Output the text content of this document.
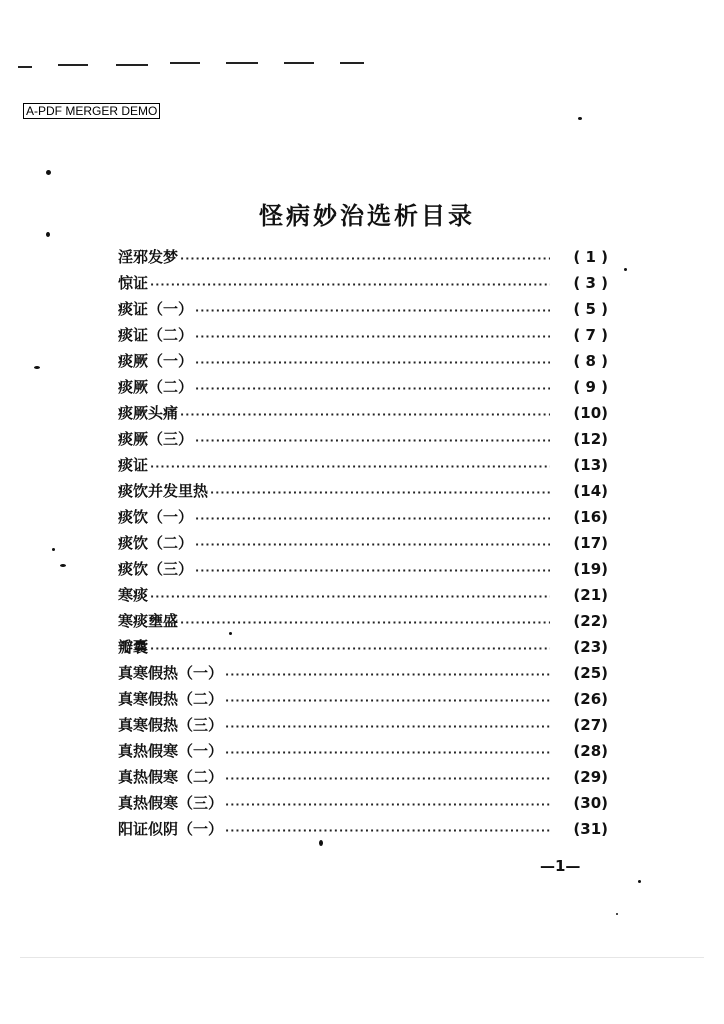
A-PDF MERGER DEMO
怪病妙治选析目录
淫邪发梦 ·····	( 1 )
惊证 ·····	( 3 )
痰证（一） ·····	( 5 )
痰证（二） ·····	( 7 )
痰厥（一） ·····	( 8 )
痰厥（二） ·····	( 9 )
痰厥头痛 ·····	(10)
痰厥（三） ·····	(12)
痰证 ·····	(13)
痰饮并发里热 ·····	(14)
痰饮（一） ·····	(16)
痰饮（二） ·····	(17)
痰饮（三） ·····	(19)
寒痰 ·····	(21)
寒痰壅盛 ·····	(22)
瓣囊 ·····	(23)
真寒假热（一） ·····	(25)
真寒假热（二） ·····	(26)
真寒假热（三） ·····	(27)
真热假寒（一） ·····	(28)
真热假寒（二） ·····	(29)
真热假寒（三） ·····	(30)
阳证似阴（一） ·····	(31)
—1—
